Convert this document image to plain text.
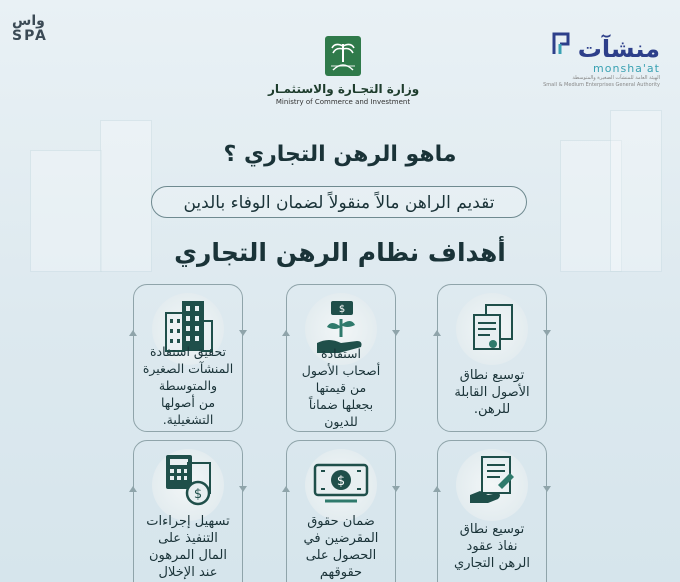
واس
SPA
وزارة التجـارة والاستثمـار
Ministry of Commerce and Investment
منشآت
monsha'at
الهيئة العامة للمنشآت الصغيرة والمتوسطة
Small & Medium Enterprises General Authority
ماهو الرهن التجاري ؟
تقديم الراهن مالاً منقولاً لضمان الوفاء بالدين
أهداف نظام الرهن التجاري
توسيع نطاق
الأصول القابلة
للرهن.
$
استفادة
أصحاب الأصول
من قيمتها
بجعلها ضماناً
للديون
تحقيق استفادة
المنشآت الصغيرة
والمتوسطة
من أصولها
التشغيلية.
توسيع نطاق
نفاذ عقود
الرهن التجاري
$
ضمان حقوق
المقرضين في
الحصول على
حقوقهم
$
تسهيل إجراءات
التنفيذ على
المال المرهون
عند الإخلال
